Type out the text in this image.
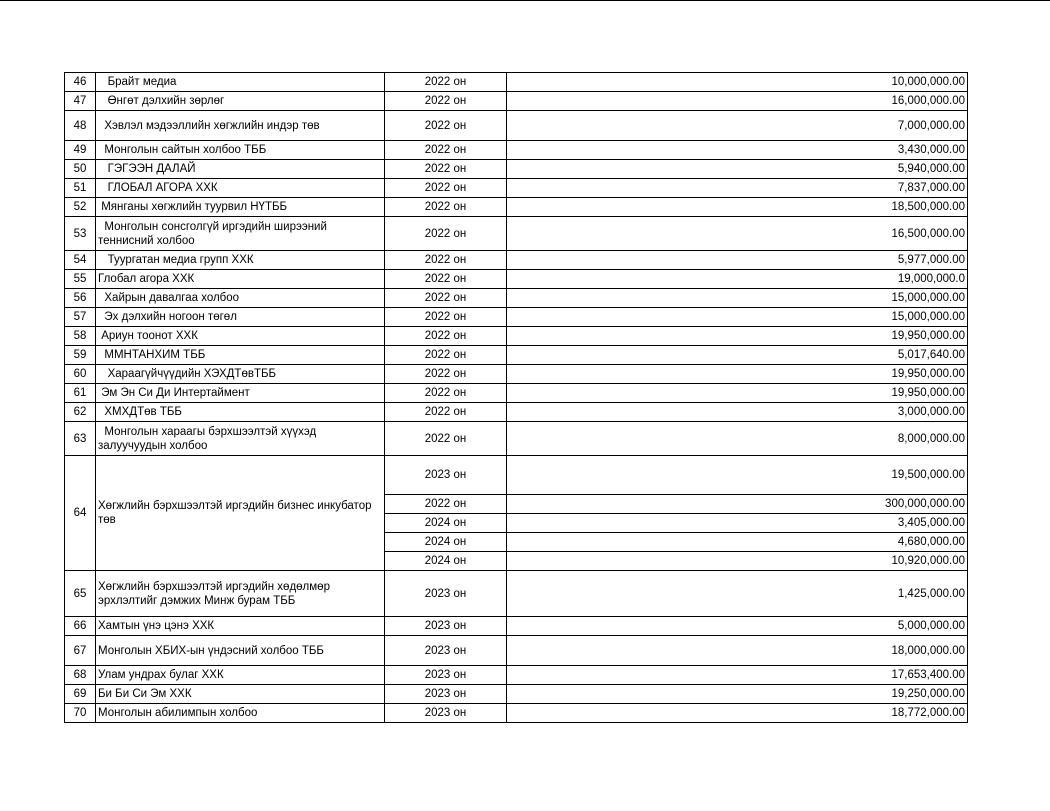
46	Брайт медиа	2022 он	10,000,000.00
47	Өнгөт дэлхийн зөрлөг	2022 он	16,000,000.00
48	Хэвлэл мэдээллийн хөгжлийн индэр төв	2022 он	7,000,000.00
49	Монголын сайтын холбоо ТББ	2022 он	3,430,000.00
50	ГЭГЭЭН ДАЛАЙ	2022 он	5,940,000.00
51	ГЛОБАЛ АГОРА ХХК	2022 он	7,837,000.00
52	Мянганы хөгжлийн туурвил НҮТББ	2022 он	18,500,000.00
53	Монголын сонсголгүй иргэдийн ширээний теннисний холбоо	2022 он	16,500,000.00
54	Туургатан медиа групп ХХК	2022 он	5,977,000.00
55	Глобал агора ХХК	2022 он	19,000,000.0
56	Хайрын давалгаа холбоо	2022 он	15,000,000.00
57	Эх дэлхийн ногоон төгөл	2022 он	15,000,000.00
58	Ариун тоонот ХХК	2022 он	19,950,000.00
59	ММНТАНХИМ ТББ	2022 он	5,017,640.00
60	Хараагүйчүүдийн ХЭХДТөвТББ	2022 он	19,950,000.00
61	Эм Эн Си Ди Интертаймент	2022 он	19,950,000.00
62	ХМХДТөв ТББ	2022 он	3,000,000.00
63	Монголын хараагы бэрхшээлтэй хүүхэд залуучуудын холбоо	2022 он	8,000,000.00
64	Хөгжлийн бэрхшээлтэй иргэдийн бизнес инкубатор төв	2023 он	19,500,000.00
		2022 он	300,000,000.00
		2024 он	3,405,000.00
		2024 он	4,680,000.00
		2024 он	10,920,000.00
65	Хөгжлийн бэрхшээлтэй иргэдийн хөдөлмөр эрхлэлтийг дэмжих Минж бурам ТББ	2023 он	1,425,000.00
66	Хамтын үнэ цэнэ ХХК	2023 он	5,000,000.00
67	Монголын ХБИХ-ын үндэсний холбоо ТББ	2023 он	18,000,000.00
68	Улам ундрах булаг ХХК	2023 он	17,653,400.00
69	Би Би Си Эм ХХК	2023 он	19,250,000.00
70	Монголын абилимпын холбоо	2023 он	18,772,000.00
